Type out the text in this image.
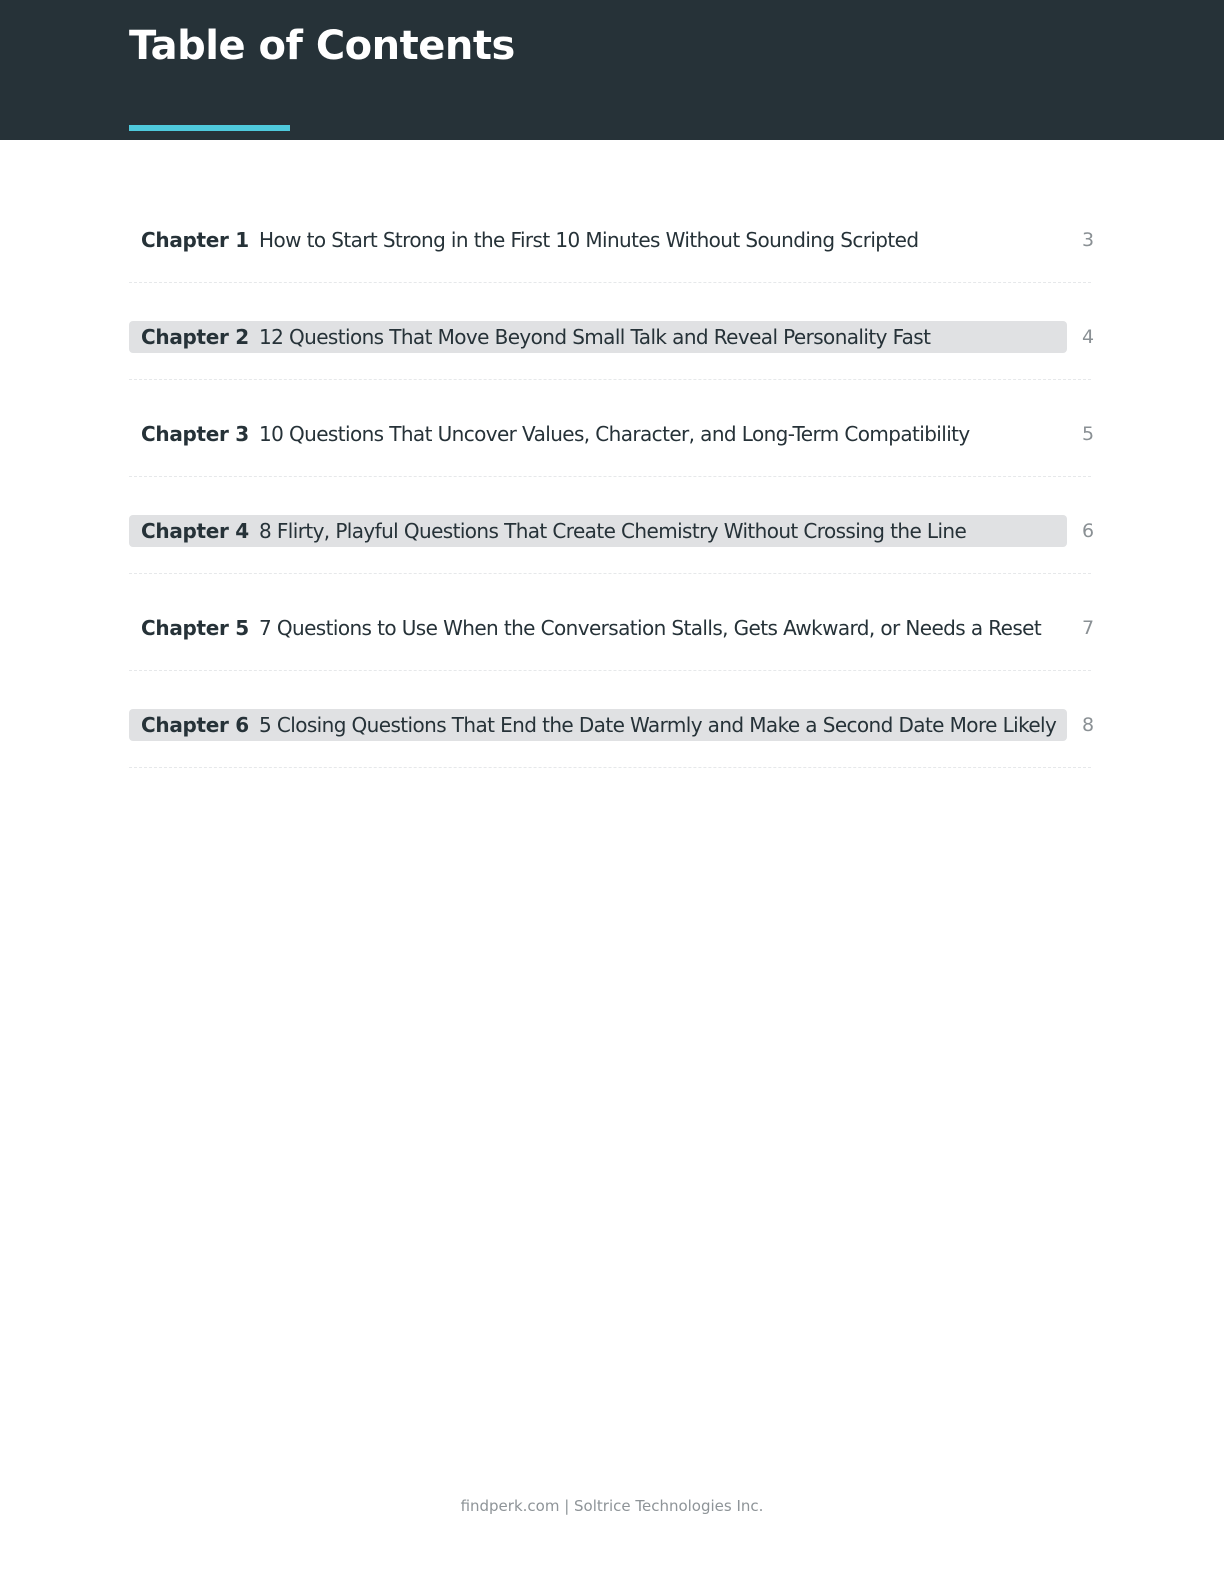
Table of Contents
Chapter 1 How to Start Strong in the First 10 Minutes Without Sounding Scripted	3
Chapter 2 12 Questions That Move Beyond Small Talk and Reveal Personality Fast	4
Chapter 3 10 Questions That Uncover Values, Character, and Long-Term Compatibility	5
Chapter 4 8 Flirty, Playful Questions That Create Chemistry Without Crossing the Line	6
Chapter 5 7 Questions to Use When the Conversation Stalls, Gets Awkward, or Needs a Reset	7
Chapter 6 5 Closing Questions That End the Date Warmly and Make a Second Date More Likely	8
findperk.com | Soltrice Technologies Inc.
